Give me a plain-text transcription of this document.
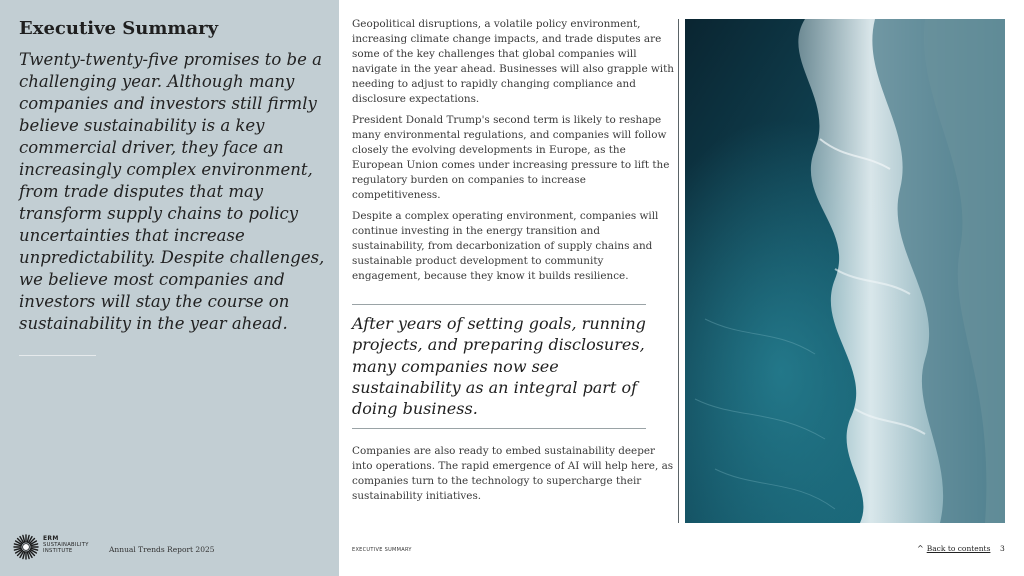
Executive Summary

Twenty-twenty-five promises to be a challenging year. Although many companies and investors still firmly believe sustainability is a key commercial driver, they face an increasingly complex environment, from trade disputes that may transform supply chains to policy uncertainties that increase unpredictability. Despite challenges, we believe most companies and investors will stay the course on sustainability in the year ahead.

ERM
SUSTAINABILITY
INSTITUTE	Annual Trends Report 2025

Geopolitical disruptions, a volatile policy environment, increasing climate change impacts, and trade disputes are some of the key challenges that global companies will navigate in the year ahead. Businesses will also grapple with needing to adjust to rapidly changing compliance and disclosure expectations.

President Donald Trump's second term is likely to reshape many environmental regulations, and companies will follow closely the evolving developments in Europe, as the European Union comes under increasing pressure to lift the regulatory burden on companies to increase competitiveness.

Despite a complex operating environment, companies will continue investing in the energy transition and sustainability, from decarbonization of supply chains and sustainable product development to community engagement, because they know it builds resilience.

After years of setting goals, running projects, and preparing disclosures, many companies now see sustainability as an integral part of doing business.

Companies are also ready to embed sustainability deeper into operations. The rapid emergence of AI will help here, as companies turn to the technology to supercharge their sustainability initiatives.

EXECUTIVE SUMMARY	^ Back to contents 3
